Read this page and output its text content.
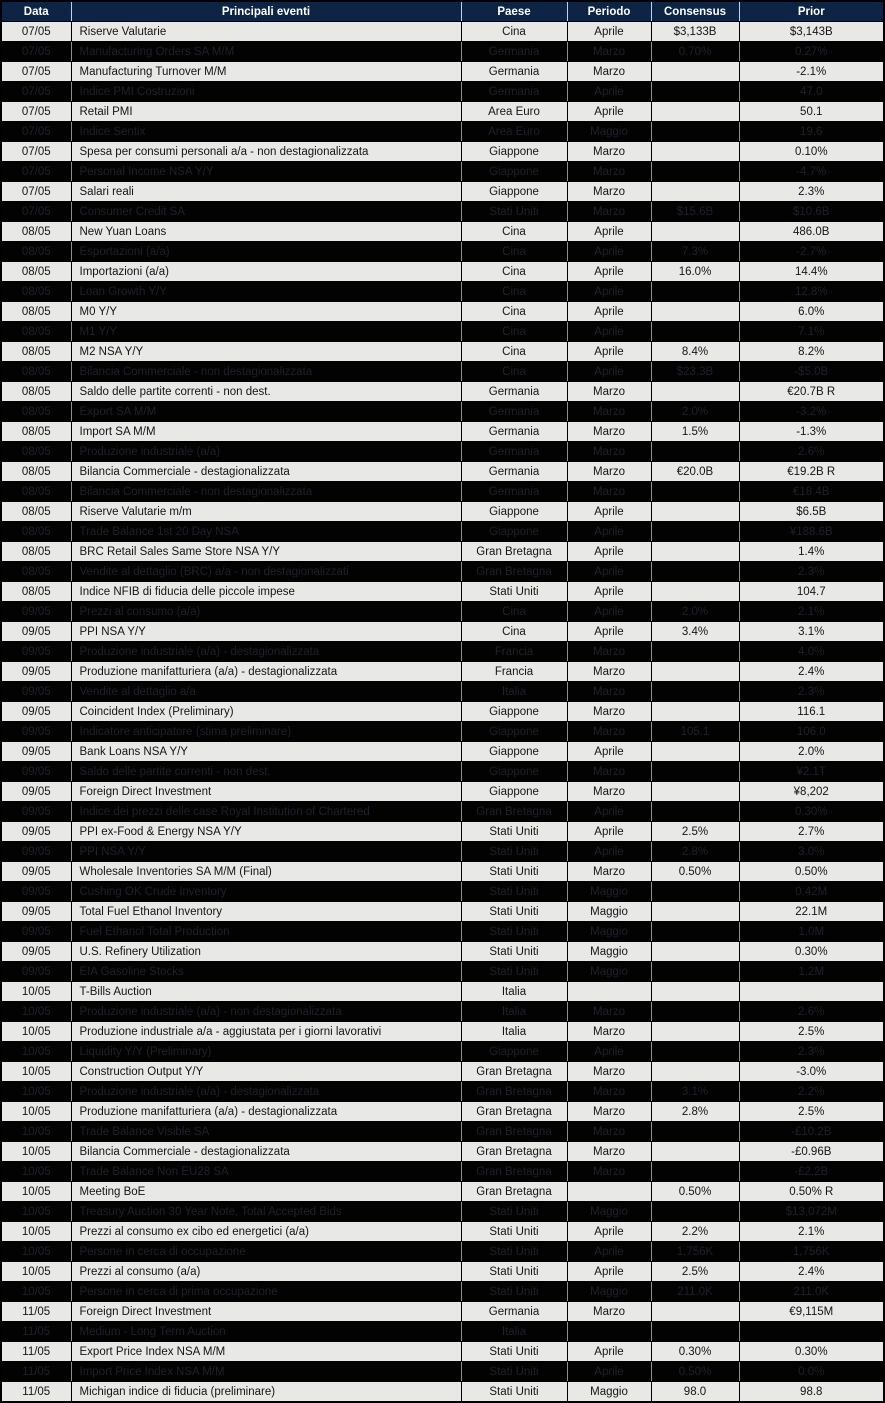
Data	Principali eventi	Paese	Periodo	Consensus	Prior
07/05	Riserve Valutarie	Cina	Aprile	$3,133B	$3,143B
07/05	Manufacturing Orders SA M/M	Germania	Marzo	0.70%	0.27%
07/05	Manufacturing Turnover M/M	Germania	Marzo		-2.1%
07/05	Indice PMI Costruzioni	Germania	Aprile		47.0
07/05	Retail PMI	Area Euro	Aprile		50.1
07/05	Indice Sentix	Area Euro	Maggio		19.6
07/05	Spesa per consumi personali a/a - non destagionalizzata	Giappone	Marzo		0.10%
07/05	Personal Income NSA Y/Y	Giappone	Marzo		-4.7%
07/05	Salari reali	Giappone	Marzo		2.3%
07/05	Consumer Credit SA	Stati Uniti	Marzo	$15.6B	$10.6B
08/05	New Yuan Loans	Cina	Aprile		486.0B
08/05	Esportazioni (a/a)	Cina	Aprile	7.3%	-2.7%
08/05	Importazioni (a/a)	Cina	Aprile	16.0%	14.4%
08/05	Loan Growth Y/Y	Cina	Aprile		12.8%
08/05	M0 Y/Y	Cina	Aprile		6.0%
08/05	M1 Y/Y	Cina	Aprile		7.1%
08/05	M2 NSA Y/Y	Cina	Aprile	8.4%	8.2%
08/05	Bilancia Commerciale - non destagionalizzata	Cina	Aprile	$23.3B	-$5.0B
08/05	Saldo delle partite correnti - non dest.	Germania	Marzo		€20.7B R
08/05	Export SA M/M	Germania	Marzo	2.0%	-3.2%
08/05	Import SA M/M	Germania	Marzo	1.5%	-1.3%
08/05	Produzione industriale (a/a)	Germania	Marzo		2.6%
08/05	Bilancia Commerciale - destagionalizzata	Germania	Marzo	€20.0B	€19.2B R
08/05	Bilancia Commerciale - non destagionalizzata	Germania	Marzo		€18.4B
08/05	Riserve Valutarie m/m	Giappone	Aprile		$6.5B
08/05	Trade Balance 1st 20 Day NSA	Giappone	Aprile		¥188.6B
08/05	BRC Retail Sales Same Store NSA Y/Y	Gran Bretagna	Aprile		1.4%
08/05	Vendite al dettaglio (BRC) a/a - non destagionalizzati	Gran Bretagna	Aprile		2.3%
08/05	Indice NFIB di fiducia delle piccole impese	Stati Uniti	Aprile		104.7
09/05	Prezzi al consumo (a/a)	Cina	Aprile	2.0%	2.1%
09/05	PPI NSA Y/Y	Cina	Aprile	3.4%	3.1%
09/05	Produzione industriale (a/a) - destagionalizzata	Francia	Marzo		4.0%
09/05	Produzione manifatturiera (a/a) - destagionalizzata	Francia	Marzo		2.4%
09/05	Vendite al dettaglio a/a	Italia	Marzo		2.3%
09/05	Coincident Index (Preliminary)	Giappone	Marzo		116.1
09/05	Indicatore anticipatore (stima preliminare)	Giappone	Marzo	105.1	106.0
09/05	Bank Loans NSA Y/Y	Giappone	Aprile		2.0%
09/05	Saldo delle partite correnti - non dest.	Giappone	Marzo		¥2.1T
09/05	Foreign Direct Investment	Giappone	Marzo		¥8,202
09/05	Indice dei prezzi delle case Royal Institution of Chartered	Gran Bretagna	Aprile		0.30%
09/05	PPI ex-Food & Energy NSA Y/Y	Stati Uniti	Aprile	2.5%	2.7%
09/05	PPI NSA Y/Y	Stati Uniti	Aprile	2.8%	3.0%
09/05	Wholesale Inventories SA M/M (Final)	Stati Uniti	Marzo	0.50%	0.50%
09/05	Cushing OK Crude Inventory	Stati Uniti	Maggio		0.42M
09/05	Total Fuel Ethanol Inventory	Stati Uniti	Maggio		22.1M
09/05	Fuel Ethanol Total Production	Stati Uniti	Maggio		1.0M
09/05	U.S. Refinery Utilization	Stati Uniti	Maggio		0.30%
09/05	EIA Gasoline Stocks	Stati Uniti	Maggio		1.2M
10/05	T-Bills Auction	Italia			
10/05	Produzione industriale (a/a) - non destagionalizzata	Italia	Marzo		2.6%
10/05	Produzione industriale a/a - aggiustata per i giorni lavorativi	Italia	Marzo		2.5%
10/05	Liquidity Y/Y (Preliminary)	Giappone	Aprile		2.3%
10/05	Construction Output Y/Y	Gran Bretagna	Marzo		-3.0%
10/05	Produzione industriale (a/a) - destagionalizzata	Gran Bretagna	Marzo	3.1%	2.2%
10/05	Produzione manifatturiera (a/a) - destagionalizzata	Gran Bretagna	Marzo	2.8%	2.5%
10/05	Trade Balance Visible SA	Gran Bretagna	Marzo		-£10.2B
10/05	Bilancia Commerciale - destagionalizzata	Gran Bretagna	Marzo		-£0.96B
10/05	Trade Balance Non EU28 SA	Gran Bretagna	Marzo		-£2.2B
10/05	Meeting BoE	Gran Bretagna		0.50%	0.50% R
10/05	Treasury Auction 30 Year Note, Total Accepted Bids	Stati Uniti	Maggio		$13,072M
10/05	Prezzi al consumo ex cibo ed energetici (a/a)	Stati Uniti	Aprile	2.2%	2.1%
10/05	Persone in cerca di occupazione	Stati Uniti	Aprile	1,756K	1,756K
10/05	Prezzi al consumo (a/a)	Stati Uniti	Aprile	2.5%	2.4%
10/05	Persone in cerca di prima occupazione	Stati Uniti	Maggio	211.0K	211.0K
11/05	Foreign Direct Investment	Germania	Marzo		€9,115M
11/05	Medium - Long Term Auction	Italia			
11/05	Export Price Index NSA M/M	Stati Uniti	Aprile	0.30%	0.30%
11/05	Import Price Index NSA M/M	Stati Uniti	Aprile	0.50%	0.0%
11/05	Michigan indice di fiducia (preliminare)	Stati Uniti	Maggio	98.0	98.8
